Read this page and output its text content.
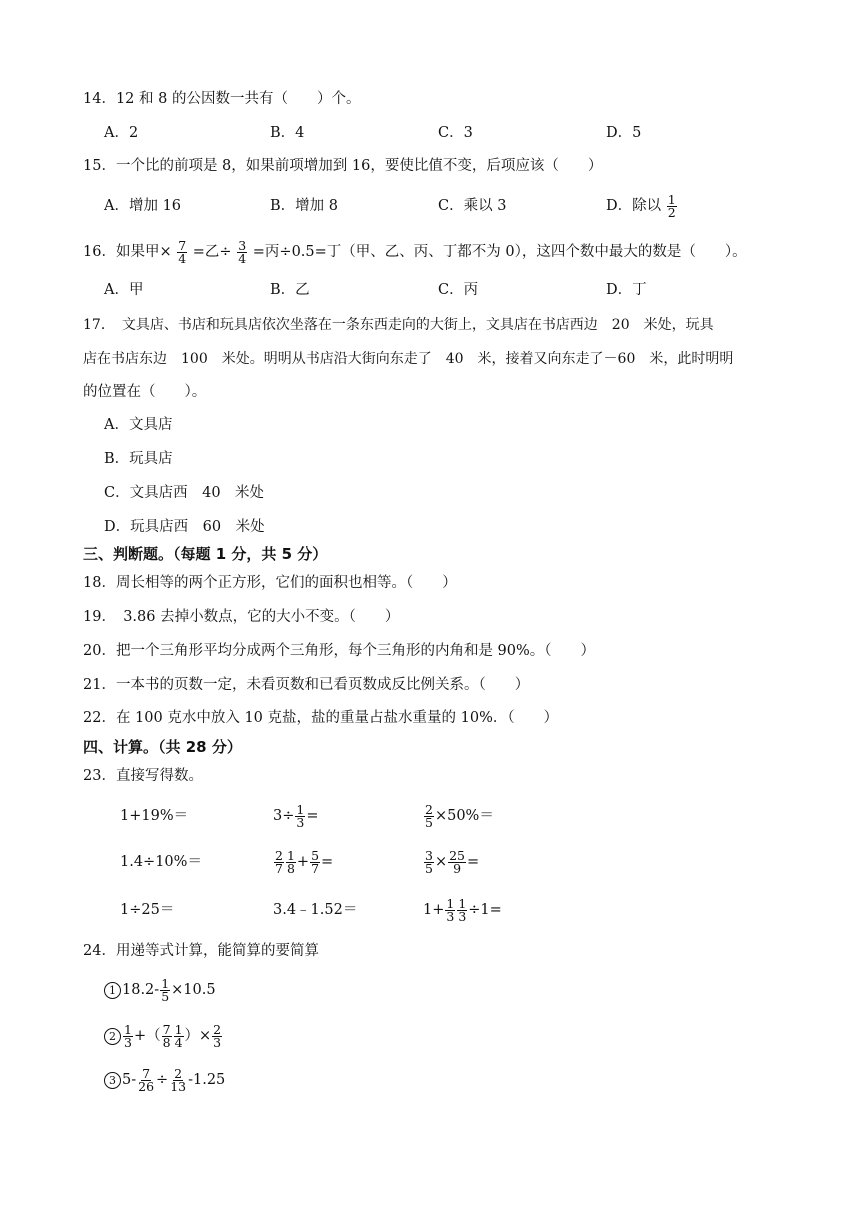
14．12 和 8 的公因数一共有（　　）个。
A．2	B．4	C．3	D．5
15．一个比的前项是 8，如果前项增加到 16，要使比值不变，后项应该（　　）
A．增加 16	B．增加 8	C．乘以 3	D．除以 $\frac{1}{2}$
16．如果甲× $\frac{7}{4}$ =乙÷ $\frac{3}{4}$ =丙÷0.5=丁（甲、乙、丙、丁都不为 0），这四个数中最大的数是（　　）。
A．甲	B．乙	C．丙	D．丁
17．　文具店、书店和玩具店依次坐落在一条东西走向的大街上，文具店在书店西边　20　米处，玩具
店在书店东边　100　米处。明明从书店沿大街向东走了　40　米，接着又向东走了－60　米，此时明明
的位置在（　　）。
A．文具店
B．玩具店
C．文具店西　40　米处
D．玩具店西　60　米处
三、判断题。（每题 1 分，共 5 分）
18．周长相等的两个正方形，它们的面积也相等。（　　）
19．　3.86 去掉小数点，它的大小不变。（　　）
20．把一个三角形平均分成两个三角形，每个三角形的内角和是 90%。（　　）
21．一本书的页数一定，未看页数和已看页数成反比例关系。（　　）
22．在 100 克水中放入 10 克盐，盐的重量占盐水重量的 10%．（　　）
四、计算。（共 28 分）
23．直接写得数。
1+19%＝	$3\div \frac{1}{3}$ =	$\frac{2}{5} \times 50\%=$
1.4÷10%＝	$\frac{2}{7} \frac{1}{8} + \frac{5}{7}$ =	$\frac{3}{5} \times \frac{25}{9}$ =
1÷25＝	3.4﹣1.52＝	$1+ \frac{1}{3} \frac{1}{3} \div 1=$
24．用递等式计算，能简算的要简算
1 $18.2- \frac{1}{5} \times 10.5$
$2 \frac{1}{3}$ +（ $\frac{7}{8} \frac{1}{4}$ ）× $\frac{2}{3}$
3 $5- \frac{7}{26} \div \frac{2}{13} -1.25$
